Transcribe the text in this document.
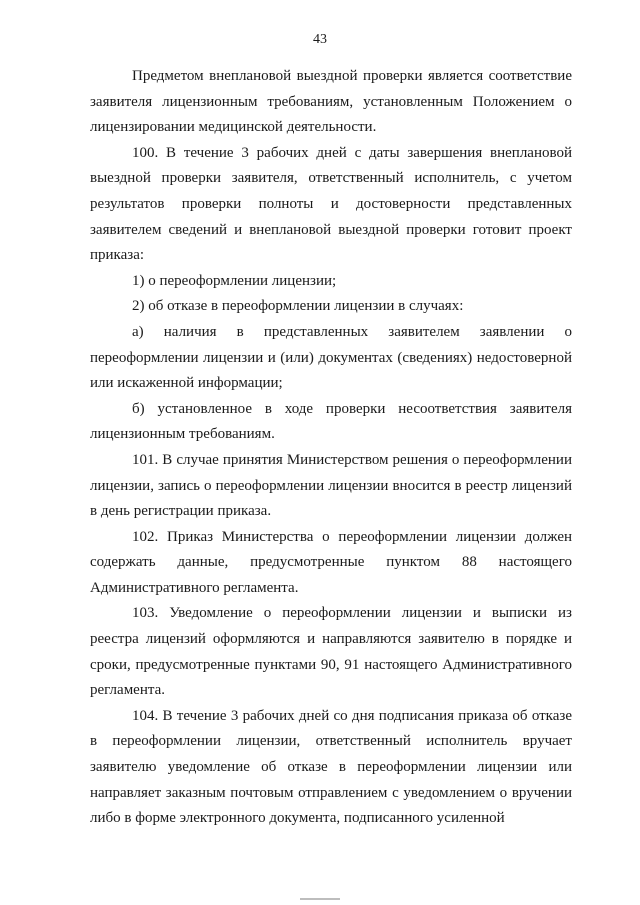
43

Предметом внеплановой выездной проверки является соответствие заявителя лицензионным требованиям, установленным Положением о лицензировании медицинской деятельности.

100. В течение 3 рабочих дней с даты завершения внеплановой выездной проверки заявителя, ответственный исполнитель, с учетом результатов проверки полноты и достоверности представленных заявителем сведений и внеплановой выездной проверки готовит проект приказа:

1) о переоформлении лицензии;

2) об отказе в переоформлении лицензии в случаях:

а) наличия в представленных заявителем заявлении о переоформлении лицензии и (или) документах (сведениях) недостоверной или искаженной информации;

б) установленное в ходе проверки несоответствия заявителя лицензионным требованиям.

101. В случае принятия Министерством решения о переоформлении лицензии, запись о переоформлении лицензии вносится в реестр лицензий в день регистрации приказа.

102. Приказ Министерства о переоформлении лицензии должен содержать данные, предусмотренные пунктом 88 настоящего Административного регламента.

103. Уведомление о переоформлении лицензии и выписки из реестра лицензий оформляются и направляются заявителю в порядке и сроки, предусмотренные пунктами 90, 91 настоящего Административного регламента.

104. В течение 3 рабочих дней со дня подписания приказа об отказе в переоформлении лицензии, ответственный исполнитель вручает заявителю уведомление об отказе в переоформлении лицензии или направляет заказным почтовым отправлением с уведомлением о вручении либо в форме электронного документа, подписанного усиленной
